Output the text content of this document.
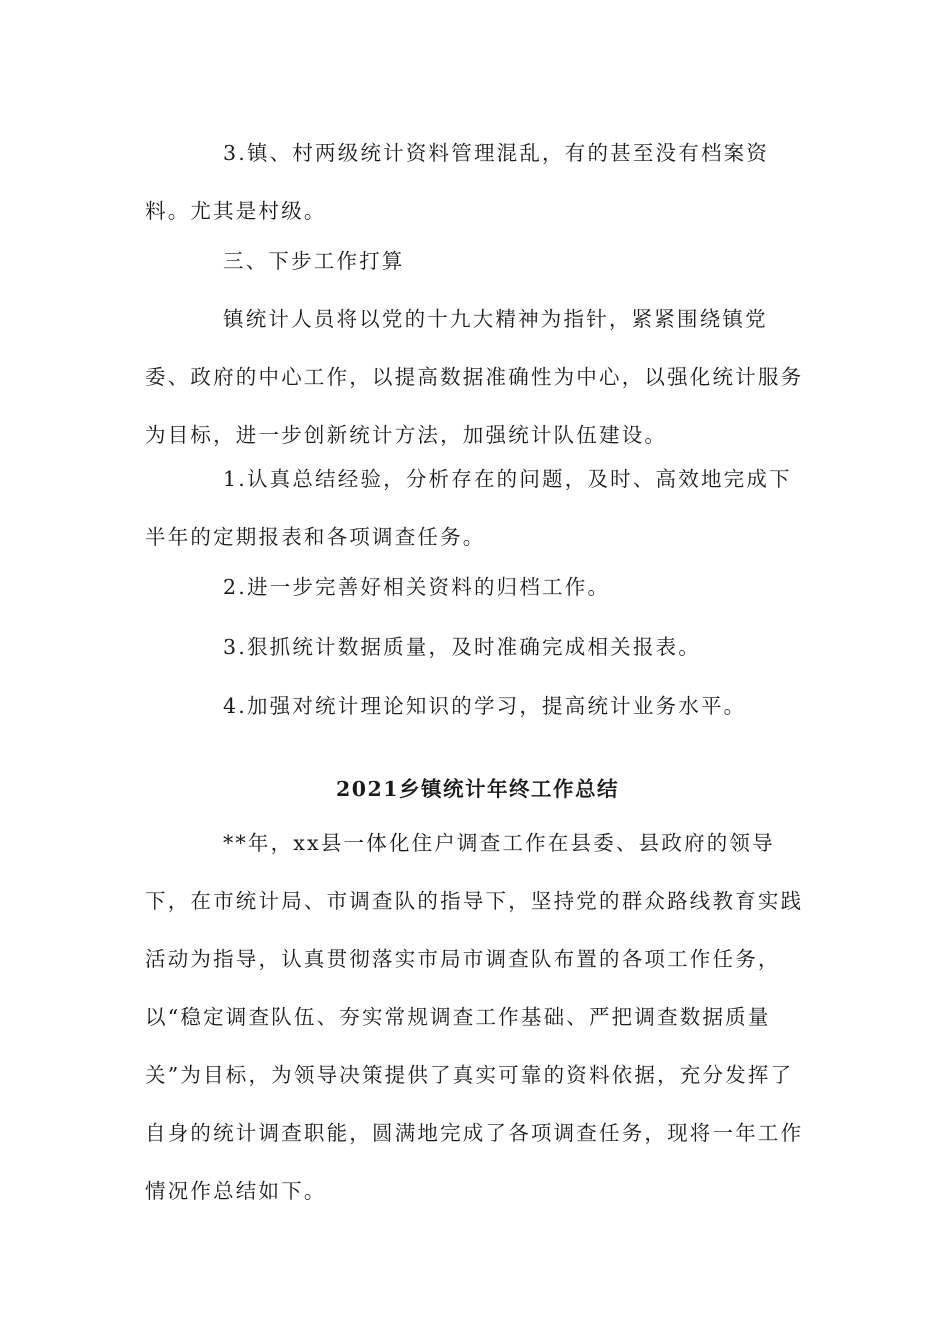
3.镇、村两级统计资料管理混乱，有的甚至没有档案资料。尤其是村级。

三、下步工作打算

镇统计人员将以党的十九大精神为指针，紧紧围绕镇党委、政府的中心工作，以提高数据准确性为中心，以强化统计服务为目标，进一步创新统计方法，加强统计队伍建设。

1.认真总结经验，分析存在的问题，及时、高效地完成下半年的定期报表和各项调查任务。

2.进一步完善好相关资料的归档工作。

3.狠抓统计数据质量，及时准确完成相关报表。

4.加强对统计理论知识的学习，提高统计业务水平。

2021乡镇统计年终工作总结

**年，xx县一体化住户调查工作在县委、县政府的领导下，在市统计局、市调查队的指导下，坚持党的群众路线教育实践活动为指导，认真贯彻落实市局市调查队布置的各项工作任务，以“稳定调查队伍、夯实常规调查工作基础、严把调查数据质量关”为目标，为领导决策提供了真实可靠的资料依据，充分发挥了自身的统计调查职能，圆满地完成了各项调查任务，现将一年工作情况作总结如下。
